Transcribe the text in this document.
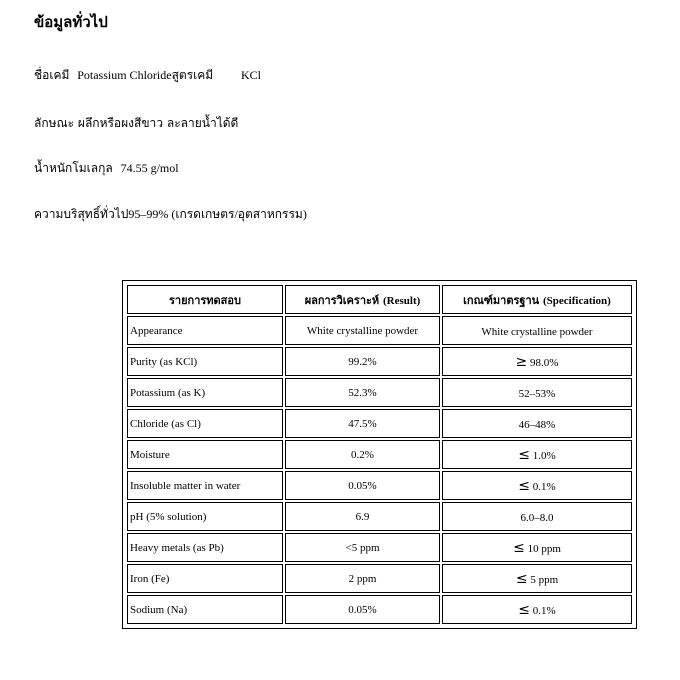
ข้อมูลทั่วไป
ชื่อเคมี Potassium Chlorideสูตรเคมี KCl
ลักษณะ ผลึกหรือผงสีขาว ละลายน้ำได้ดี
น้ำหนักโมเลกุล 74.55 g/mol
ความบริสุทธิ์ทั่วไป95–99% (เกรดเกษตร/อุตสาหกรรม)
รายการทดสอบ	ผลการวิเคราะห์ (Result)	เกณฑ์มาตรฐาน (Specification)
Appearance	White crystalline powder	White crystalline powder
Purity (as KCl)	99.2%	≥ 98.0%
Potassium (as K)	52.3%	52–53%
Chloride (as Cl)	47.5%	46–48%
Moisture	0.2%	≤ 1.0%
Insoluble matter in water	0.05%	≤ 0.1%
pH (5% solution)	6.9	6.0–8.0
Heavy metals (as Pb)	<5 ppm	≤ 10 ppm
Iron (Fe)	2 ppm	≤ 5 ppm
Sodium (Na)	0.05%	≤ 0.1%
